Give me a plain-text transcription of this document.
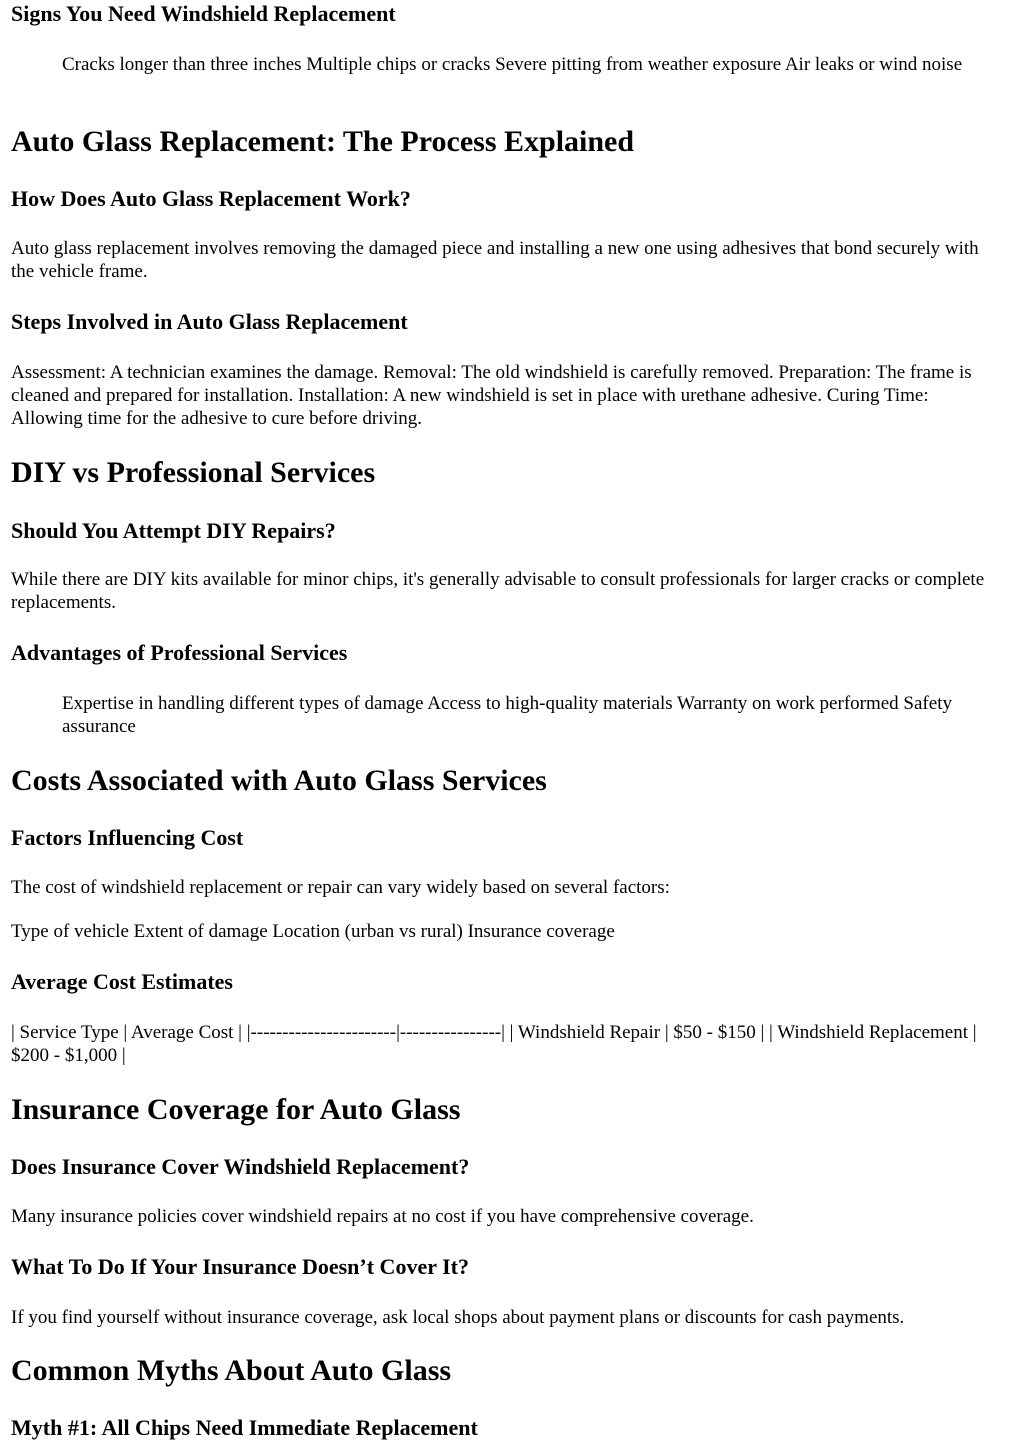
Signs You Need Windshield Replacement

Cracks longer than three inches Multiple chips or cracks Severe pitting from weather exposure Air leaks or wind noise

Auto Glass Replacement: The Process Explained
How Does Auto Glass Replacement Work?

Auto glass replacement involves removing the damaged piece and installing a new one using adhesives that bond securely with the vehicle frame.

Steps Involved in Auto Glass Replacement

Assessment: A technician examines the damage. Removal: The old windshield is carefully removed. Preparation: The frame is cleaned and prepared for installation. Installation: A new windshield is set in place with urethane adhesive. Curing Time: Allowing time for the adhesive to cure before driving.

DIY vs Professional Services
Should You Attempt DIY Repairs?

While there are DIY kits available for minor chips, it's generally advisable to consult professionals for larger cracks or complete replacements.

Advantages of Professional Services

Expertise in handling different types of damage Access to high-quality materials Warranty on work performed Safety assurance

Costs Associated with Auto Glass Services
Factors Influencing Cost

The cost of windshield replacement or repair can vary widely based on several factors:

Type of vehicle Extent of damage Location (urban vs rural) Insurance coverage

Average Cost Estimates

| Service Type | Average Cost | |-----------------------|----------------| | Windshield Repair | $50 - $150 | | Windshield Replacement | $200 - $1,000 |

Insurance Coverage for Auto Glass
Does Insurance Cover Windshield Replacement?

Many insurance policies cover windshield repairs at no cost if you have comprehensive coverage.

What To Do If Your Insurance Doesn’t Cover It?

If you find yourself without insurance coverage, ask local shops about payment plans or discounts for cash payments.

Common Myths About Auto Glass
Myth #1: All Chips Need Immediate Replacement
